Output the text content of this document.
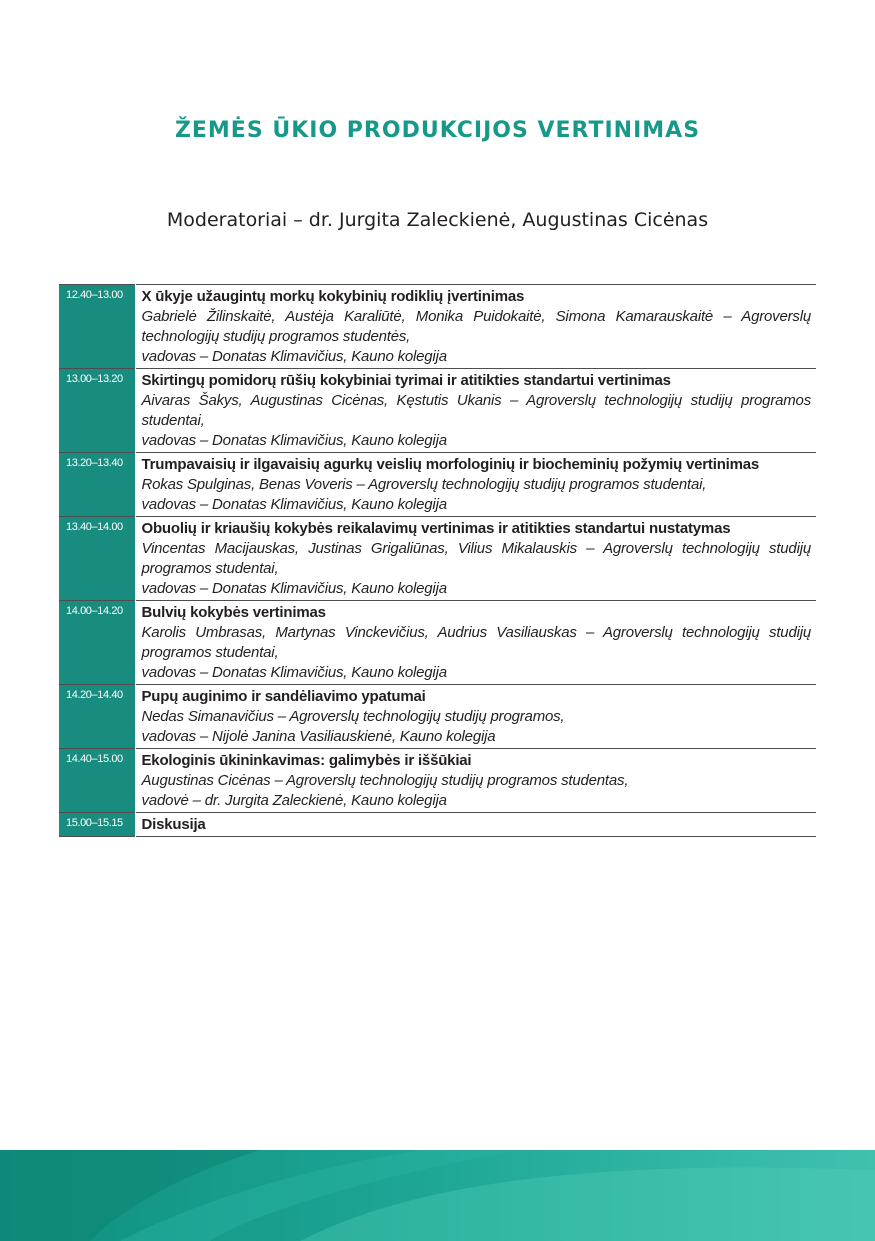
ŽEMĖS ŪKIO PRODUKCIJOS VERTINIMAS
Moderatoriai – dr. Jurgita Zaleckienė, Augustinas Cicėnas
12.40–13.00	X ūkyje užaugintų morkų kokybinių rodiklių įvertinimas
Gabrielė Žilinskaitė, Austėja Karaliūtė, Monika Puidokaitė, Simona Kamarauskaitė – Agroverslų technologijų studijų programos studentės,
vadovas – Donatas Klimavičius, Kauno kolegija

13.00–13.20	Skirtingų pomidorų rūšių kokybiniai tyrimai ir atitikties standartui vertinimas
Aivaras Šakys, Augustinas Cicėnas, Kęstutis Ukanis – Agroverslų technologijų studijų programos studentai,
vadovas – Donatas Klimavičius, Kauno kolegija

13.20–13.40	Trumpavaisių ir ilgavaisių agurkų veislių morfologinių ir biocheminių požymių vertinimas
Rokas Spulginas, Benas Voveris – Agroverslų technologijų studijų programos studentai,
vadovas – Donatas Klimavičius, Kauno kolegija

13.40–14.00	Obuolių ir kriaušių kokybės reikalavimų vertinimas ir atitikties standartui nustatymas
Vincentas Macijauskas, Justinas Grigaliūnas, Vilius Mikalauskis – Agroverslų technologijų studijų programos studentai,
vadovas – Donatas Klimavičius, Kauno kolegija

14.00–14.20	Bulvių kokybės vertinimas
Karolis Umbrasas, Martynas Vinckevičius, Audrius Vasiliauskas – Agroverslų technologijų studijų programos studentai,
vadovas – Donatas Klimavičius, Kauno kolegija

14.20–14.40	Pupų auginimo ir sandėliavimo ypatumai
Nedas Simanavičius – Agroverslų technologijų studijų programos,
vadovas – Nijolė Janina Vasiliauskienė, Kauno kolegija

14.40–15.00	Ekologinis ūkininkavimas: galimybės ir iššūkiai
Augustinas Cicėnas – Agroverslų technologijų studijų programos studentas,
vadovė – dr. Jurgita Zaleckienė, Kauno kolegija

15.00–15.15	Diskusija
